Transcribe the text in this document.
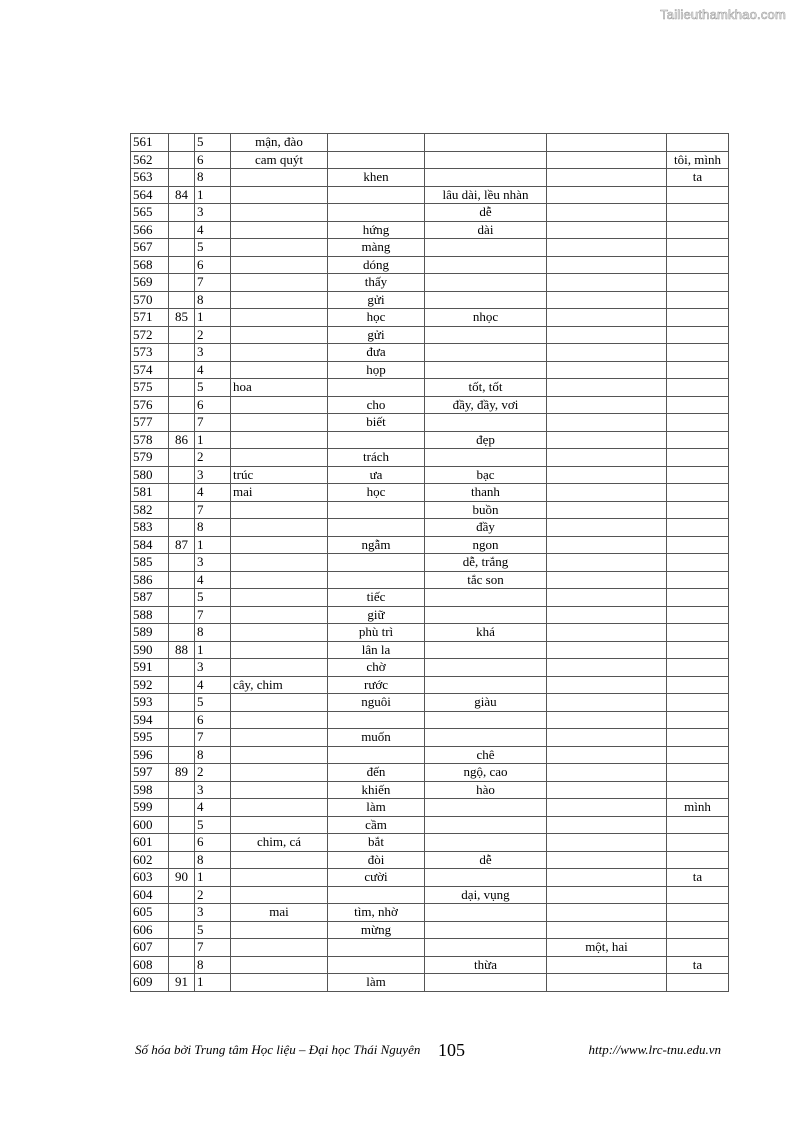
Tailieuthamkhao.com
561		5	mận, đào				
562		6	cam quýt				tôi, mình
563		8		khen			ta
564	84	1			lâu dài, lều nhàn		
565		3			dễ		
566		4		hứng	dài		
567		5		màng			
568		6		dóng			
569		7		thấy			
570		8		gửi			
571	85	1		học	nhọc		
572		2		gửi			
573		3		đưa			
574		4		họp			
575		5	hoa		tốt, tốt		
576		6		cho	đầy, đầy, vơi		
577		7		biết			
578	86	1			đẹp		
579		2		trách			
580		3	trúc	ưa	bạc		
581		4	mai	học	thanh		
582		7			buồn		
583		8			đầy		
584	87	1		ngẫm	ngon		
585		3			dễ, trắng		
586		4			tắc son		
587		5		tiếc			
588		7		giữ			
589		8		phù trì	khá		
590	88	1		lân la			
591		3		chờ			
592		4	cây, chim	rước			
593		5		nguôi	giàu		
594		6					
595		7		muốn			
596		8			chê		
597	89	2		đến	ngộ, cao		
598		3		khiến	hào		
599		4		làm			mình
600		5		cầm			
601		6	chim, cá	bắt			
602		8		đòi	dễ		
603	90	1		cười			ta
604		2			dại, vụng		
605		3	mai	tìm, nhờ			
606		5		mừng			
607		7				một, hai	
608		8			thừa		ta
609	91	1		làm			
Số hóa bởi Trung tâm Học liệu – Đại học Thái Nguyên 105	http://www.lrc-tnu.edu.vn
